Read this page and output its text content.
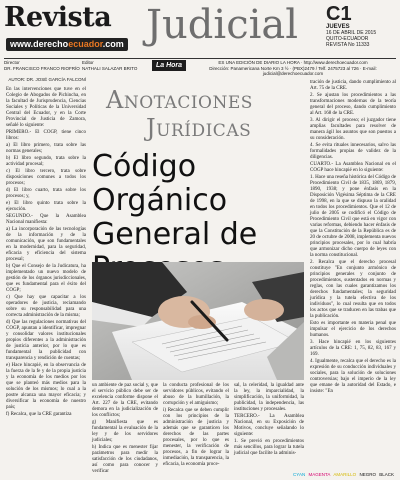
Revista
www.derechoecuador.com Judicial C1
JUEVES
16 DE ABRIL DE 2015
QUITO-ECUADOR
REVISTA No 11333
Director
DR. FRANCISCO FRANCO RIOFRÍO
Editor
NATHALI SALAZAR BRITO	La Hora	ES UNA EDICIÓN DE DIARIO LA HORA · http://www.derechoecuador.com
Dirección: Panamericana Norte Km 3 ½ · (PBX)2479 / Telf. 2475723 al 726 · E-mail: judicial@derechoecuador.com
AUTOR: DR. JOSÉ GARCÍA FALCONÍ

En las intervenciones que tuve en el Colegio de Abogados de Pichincha, en la facultad de Jurisprudencia, Ciencias Sociales y Políticas de la Universidad Central del Ecuador, y en la Corte Provincial de Justicia de Zamora, señalé lo siguiente:

PRIMERO.- El COGP, tiene cinco libros:

a) El libro primero, trata sobre las normas generales;

b) El libro segundo, trata sobre la actividad procesal;

c) El libro tercero, trata sobre disposiciones comunes a todos los procesos;

d) El libro cuarto, trata sobre los procesos; y,

e) El libro quinto trata sobre la ejecución.

SEGUNDO.- Que la Asamblea Nacional manifiesta:

a) La incorporación de las tecnologías de la información y de la comunicación, que son fundamentales en la modernidad, para la seguridad, eficacia y eficiencia del sistema procesal;

b) Que el Consejo de la Judicatura, ha implementado un nuevo modelo de gestión de los órganos jurisdiccionales, que es fundamental para el éxito del COGP;

c) Que hay que capacitar a los operadores de justicia, reciamando sobre su responsabilidad para una correcta administración de la misma;

d) Que las regulaciones normativas del COGP, apuntan a identificar, impregnar y consolidar valores institucionales propios diferentes a la administración de justicia anterior, por lo que es fundamental la publicidad con transparencia y rendición de cuentas;

e) Hace hincapié, en la observancia de la fuerza de la fe y de la propia justicia y la economía de los medios por los que se planteó más medios para la solución de los mismos; lo cual a la postre alcanza una mayor eficacia; y diversificar la economía de nuestro país;

f) Recalca, que la CRE garantiza

Anotaciones
Jurídicas
Código Orgánico General de

un ambiente de paz social y, que el servicio público debe ser de excelencia conforme dispone el Art. 227 de la CRE, evitando demora en la judicialización de los conflictos;

g) Manifiesta que es fundamental la evaluación de la ley y de los servidores judiciales;

h) Indica que es menester fijar parámetros para medir la satisfacción de los ciudadanos, así como para conocer y verificar

la conducta profesional de los servidores públicos, evitando el abuso de la humillación, la corrupción y el amiguismo;

i) Recalca que se deben cumplir con los principios de la administración de justicia y además que se garanticen los derechos de las partes procesales, por lo que es menester, la verificación de procesos, a fin de lograr la inmediación, la transparencia, la eficacia, la economía proce-

sal, la celeridad, la igualdad ante la ley, la imparcialidad, la simplificación, la uniformidad, la publicidad, la independencia, las instituciones y procesales.

TERCERO.- La Asamblea Nacional, en su Exposición de Motivos, concluye señalando lo siguiente:

1. Se previó en procedimientos más sencillos, para lograr la tutela judicial que facilite la adminis-

tración de justicia, dando cumplimiento al Art. 75 de la CRE.

2. Se ajustan los procedimientos a las transformaciones modernas de la teoría general del proceso, dando cumplimiento al Art. 168 de la CRE.

3. Al dirigir el proceso; el juzgador tiene amplias facultades para resolver de manera ágil los asuntos que son puestos a su consideración.

4. Se evita rituales innecesarios, salvo las formalidades propias de validez de la diligencias.

CUARTO.- La Asamblea Nacional en el COGP hace hincapié en lo siguiente:

1. Hace una reseña histórica del Código de Procedimiento Civil de 1835, 1869, 1879, 1890, 1938; y pone énfasis en la Disposición Vigésima Séptima de la CRE de 1998, en la que se dispuso la oralidad en todos los procedimientos. Que el 12 de julio de 2005 se codificó el Código de Procedimiento Civil que está en vigor con varias reformas, debiendo hacer énfasis de que la Constitución de la República es de 20 de octubre de 2008, implementa nuevos principios procesales, por lo cual habría que armonizar dicho cuerpo de leyes con la norma constitucional.

2. Recalca que el derecho procesal constituye "En conjunto armónico de principios generales y conjunto de procedimientos, sustentados en normas y reglas, con las cuales garantizamos los derechos fundamentales; la seguridad jurídica y la tutela efectiva de los individuos", lo cual resulta que en todos los actos que se traducen en las trabas que la publicación.

Esto es importante en materia penal que impulsar el ejercicio de los derechos humanos.

3. Hace hincapié en los siguientes artículos de la CRE: 1, 75, 82, 83, 167 y 169.

4. Igualmente, recalca que el derecho es la expresión de su conducción individuales y sociales, para la solución de soluciones controversias; bajo el imperio de la ley que emane de la autoridad del Estado, e insiste: "En

CYAN MAGENTA AMARILLO NEGRO BLACK
